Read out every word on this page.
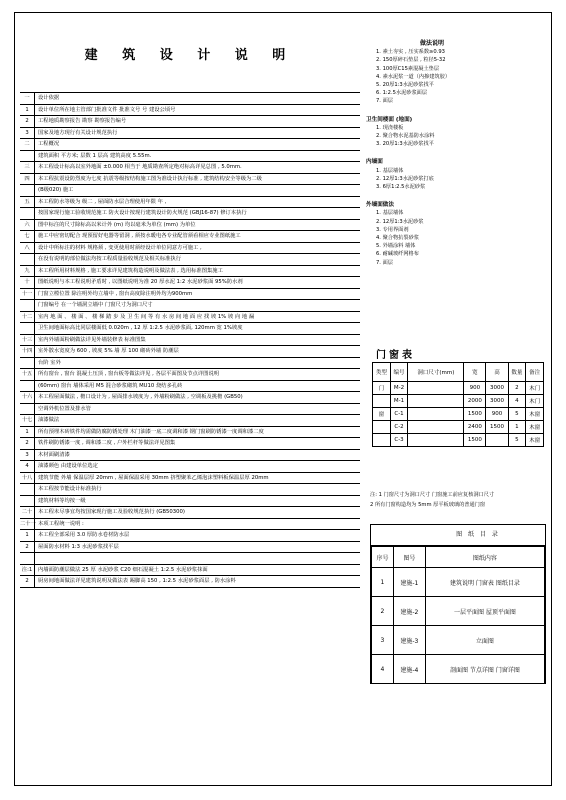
建 筑 设 计 说 明
一	设计依据
1	设计单位所在地主管部门批准文件 批准文号 号 建设公顷号
2	工程地质勘察报告 勘察 勘察报告编号
3	国家及地方现行有关设计规范执行
二	工程概况
建筑面积 平方米; 层数 1 层高 建筑高度 5.55m.
三	本工程设计标高以室外地面 ±0.000 相当于 地质勘查所定绝对标高详见总图 , 5.0mm.
四	本工程抗震设防烈度为七度 抗震等级按结构施工图为准设计执行标准 , 建筑结构安全等级为二级
(B级020) 施工
五	本工程防水等级为 级二 , 屋面防水层合理使用年限 年 ,
按国家现行施工验收规范施工 防火设计按现行建筑设计防火规范 (GBJ16-87) 修订本执行
六	图中标注的尺寸除标高以米计外 (m) 均以毫米为单位 (mm) 为单位
七	施工中应密切配合 现预留好电器等留洞 , 须按水暖电各专业配管须看相应专业图纸施工
八	设计中所标注的材料 规格须 , 变更使用时须经设计单位同意方可施工 ,
在没有说明的部位做法均按工程质量验收规范及相关标准执行
九	本工程所用材料规格 , 施工要求详见建筑构造说明及做法表 , 选用标准图集施工
十	图纸说明与本工程说明矛盾时 , 以图纸说明为准 20 厚水泥 1:2 水泥砂浆面 95%防水剂
十一	门窗立樘位置 除注明外均立墙中 , 窗台高度除注明外均为900mm
门窗编号 在一个墙洞立墙中 门窗尺寸为洞口尺寸
十二	室内 地 面 、 楼 面 、 楼 梯 踏 步 及 卫 生 间 等 有 水 房 间 地 面 应 找 坡 1% 坡 向 地 漏
卫生间地面标高比同层楼面低 0.020m , 12 厚 1:2.5 水泥砂浆面, 120mm 宽 1%坡度
十三	室内外墙面粉刷做法详见外墙装修表 标准图集
十四	室外散水宽度为 600 , 坡度 5% 墙 厚 100 砌砖外墙 防潮层
台阶 室外
十五	所有窗台 , 窗台 混凝土压顶 , 窗台板等做法详见 , 各层平面图及节点详图说明
(60mm) 窗台 墙体采用 M5 混合砂浆砌筑 MU10 烧结多孔砖
十六	本工程屋面做法 , 檐口设计为 , 屋面排水坡度为 , 外墙粉刷做法 , 空调板及挑檐 (GB50)
空调外机位置及排水管
十七	油漆做法
1	所有预埋木砖铁件均需做防腐防锈处理 木门油漆一底二度调和漆 钢门窗刷防锈漆一度调和漆二度
2	铁件刷防锈漆一度 , 调和漆二度 , 户外栏杆等做法详见图集
3	木材面刷清漆
4	油漆颜色 由建设单位选定
十八	建筑节能 外墙 保温层厚 20mm , 屋面保温采用 30mm 挤塑聚苯乙烯泡沫塑料板保温层厚 20mm
本工程按节能设计标准执行
建筑材料等均按一级
二十	本工程未尽事宜均按国家现行施工及验收规范执行 (GB50300)
二十一 本项工程统一说明 :
1	本工程全部采用 3.0 厚防水卷材防水层
2	屋面防水材料 1:3 水泥砂浆找平层
注:1	内墙面防潮层做法 25 厚 水泥砂浆 C20 细石混凝土 1:2.5 水泥砂浆抹面
2	厨房间地面做法详见建筑说明及做法表 踢脚高 150 , 1:2.5 水泥砂浆面层 , 防水涂料
做法说明
1. 素土夯实 , 压实系数≥0.93
2. 150厚碎石垫层 , 粒径5-32
3. 100厚C15素混凝土垫层
4. 素水泥浆一道（内掺建筑胶）
5. 20厚1:3水泥砂浆找平
6. 1:2.5水泥砂浆面层
7. 面层
卫生间楼面 (地面)
1. 现浇楼板
2. 聚合物水泥基防水涂料
3. 20厚1:3水泥砂浆找平
内墙面
1. 基层墙体
2. 12厚1:3水泥砂浆打底
3. 6厚1:2.5水泥砂浆
外墙面做法
1. 基层墙体
2. 12厚1:3水泥砂浆
3. 专用界面剂
4. 聚合物抗裂砂浆
5. 外墙涂料 墙体
6. 耐碱玻纤网格布
7. 面层
门窗表
类型	编号	洞口尺寸(mm)	宽	高	数量	备注
门	M-2		900	3000	2	木门
	M-1		2000	3000	4	木门
窗	C-1		1500	900	5	木窗
	C-2		2400	1500	1	木窗
	C-3		1500		5	木窗
注: 1 门窗尺寸为洞口尺寸 门窗施工前应复核洞口尺寸
2 所有门窗构造均为 5mm 厚平板玻璃的普通门窗
图 纸 目 录
序号	图号	图纸内容
1	建施-1	建筑说明 门窗表 图纸目录
2	建施-2	一层平面图 屋顶平面图
3	建施-3	立面图
4	建施-4	剖面图 节点详图 门窗详图
